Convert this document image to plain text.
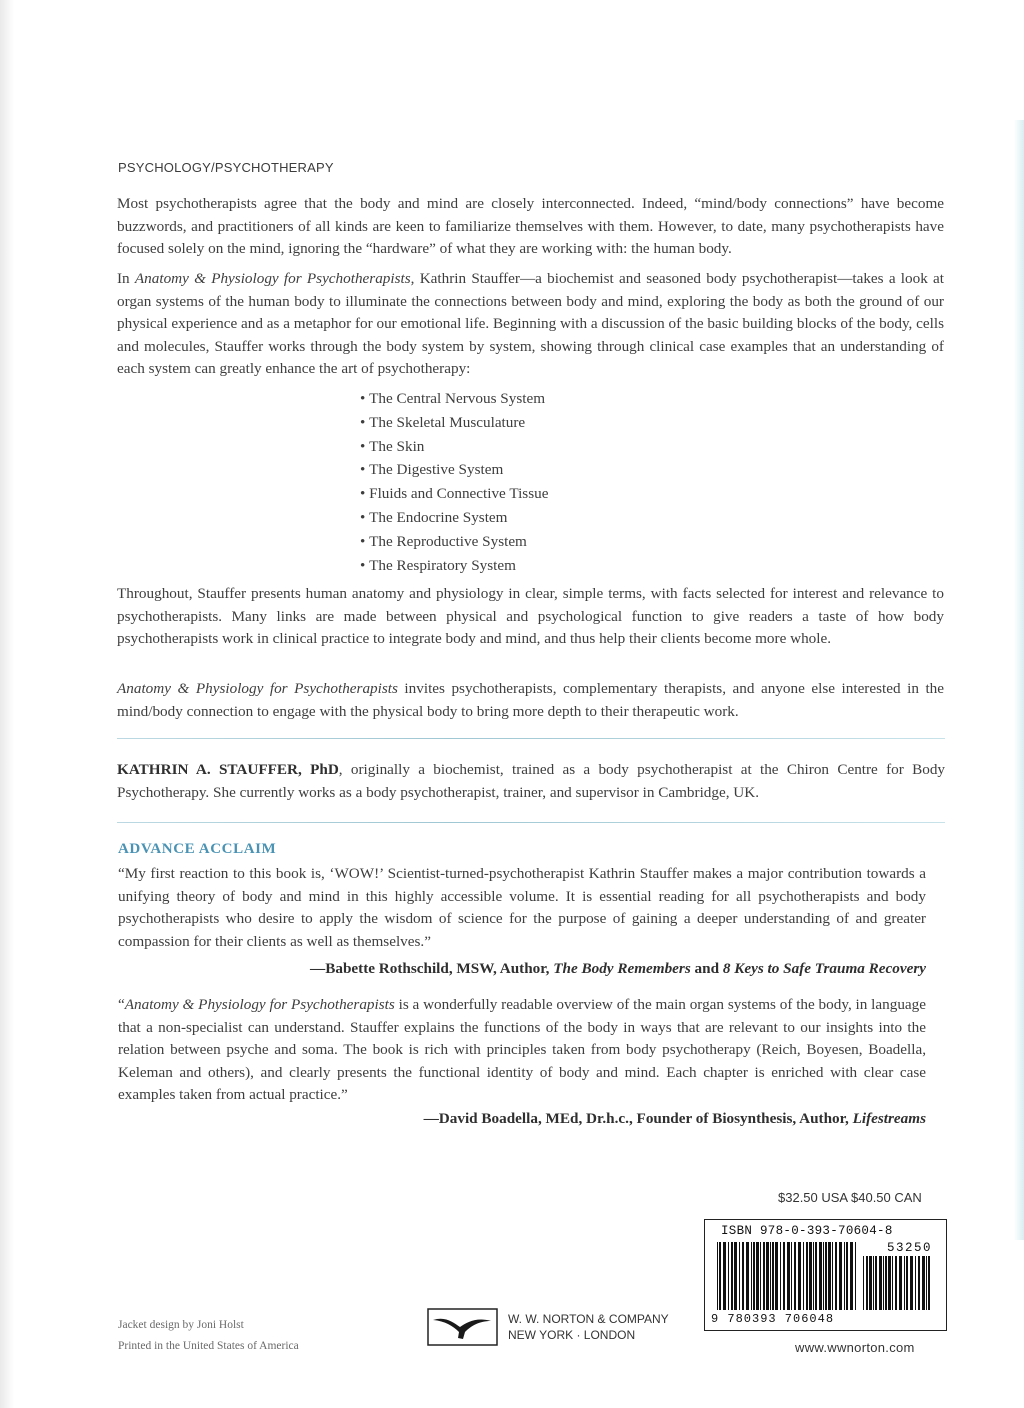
PSYCHOLOGY/PSYCHOTHERAPY

Most psychotherapists agree that the body and mind are closely interconnected. Indeed, “mind/body connections” have become buzzwords, and practitioners of all kinds are keen to familiarize themselves with them. However, to date, many psychotherapists have focused solely on the mind, ignoring the “hardware” of what they are working with: the human body.

In Anatomy & Physiology for Psychotherapists, Kathrin Stauffer—a biochemist and seasoned body psychotherapist—takes a look at organ systems of the human body to illuminate the connections between body and mind, exploring the body as both the ground of our physical experience and as a metaphor for our emotional life. Beginning with a discussion of the basic building blocks of the body, cells and molecules, Stauffer works through the body system by system, showing through clinical case examples that an understanding of each system can greatly enhance the art of psychotherapy:

• The Central Nervous System
• The Skeletal Musculature
• The Skin
• The Digestive System
• Fluids and Connective Tissue
• The Endocrine System
• The Reproductive System
• The Respiratory System

Throughout, Stauffer presents human anatomy and physiology in clear, simple terms, with facts selected for interest and relevance to psychotherapists. Many links are made between physical and psychological function to give readers a taste of how body psychotherapists work in clinical practice to integrate body and mind, and thus help their clients become more whole.

Anatomy & Physiology for Psychotherapists invites psychotherapists, complementary therapists, and anyone else interested in the mind/body connection to engage with the physical body to bring more depth to their therapeutic work.

KATHRIN A. STAUFFER, PhD, originally a biochemist, trained as a body psychotherapist at the Chiron Centre for Body Psychotherapy. She currently works as a body psychotherapist, trainer, and supervisor in Cambridge, UK.

ADVANCE ACCLAIM

“My first reaction to this book is, ‘WOW!’ Scientist-turned-psychotherapist Kathrin Stauffer makes a major contribution towards a unifying theory of body and mind in this highly accessible volume. It is essential reading for all psychotherapists and body psychotherapists who desire to apply the wisdom of science for the purpose of gaining a deeper understanding of and greater compassion for their clients as well as themselves.”

—Babette Rothschild, MSW, Author, The Body Remembers and 8 Keys to Safe Trauma Recovery

“Anatomy & Physiology for Psychotherapists is a wonderfully readable overview of the main organ systems of the body, in language that a non-specialist can understand. Stauffer explains the functions of the body in ways that are relevant to our insights into the relation between psyche and soma. The book is rich with principles taken from body psychotherapy (Reich, Boyesen, Boadella, Keleman and others), and clearly presents the functional identity of body and mind. Each chapter is enriched with clear case examples taken from actual practice.”

—David Boadella, MEd, Dr.h.c., Founder of Biosynthesis, Author, Lifestreams
$32.50 USA $40.50 CAN
ISBN 978-0-393-70604-8
53250
9 780393 706048
W. W. NORTON & COMPANY
NEW YORK · LONDON
Jacket design by Joni Holst
Printed in the United States of America	www.wwnorton.com
